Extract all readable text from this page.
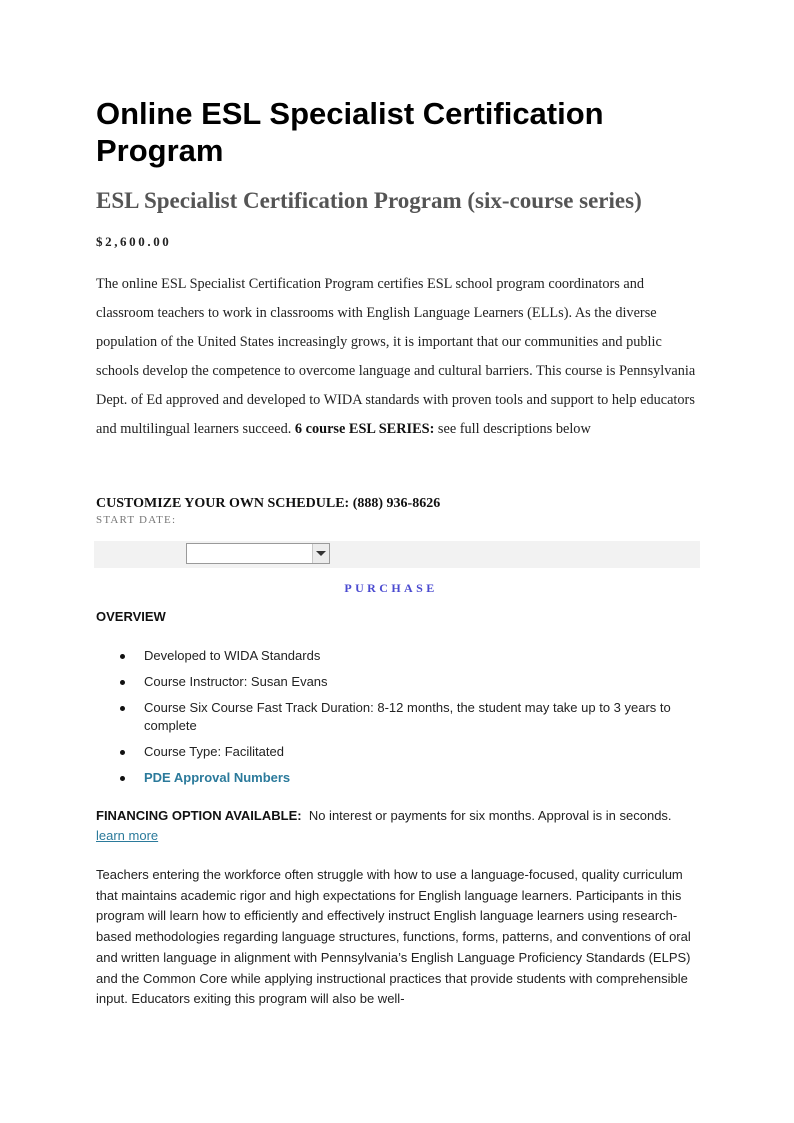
Online ESL Specialist Certification Program
ESL Specialist Certification Program (six-course series)
$2,600.00

The online ESL Specialist Certification Program certifies ESL school program coordinators and classroom teachers to work in classrooms with English Language Learners (ELLs). As the diverse population of the United States increasingly grows, it is important that our communities and public schools develop the competence to overcome language and cultural barriers. This course is Pennsylvania Dept. of Ed approved and developed to WIDA standards with proven tools and support to help educators and multilingual learners succeed. 6 course ESL SERIES: see full descriptions below

CUSTOMIZE YOUR OWN SCHEDULE: (888) 936-8626
START DATE:
PURCHASE
OVERVIEW
Developed to WIDA Standards
Course Instructor: Susan Evans
Course Six Course Fast Track Duration: 8-12 months, the student may take up to 3 years to complete
Course Type: Facilitated
PDE Approval Numbers

FINANCING OPTION AVAILABLE: No interest or payments for six months. Approval is in seconds.
learn more

Teachers entering the workforce often struggle with how to use a language-focused, quality curriculum that maintains academic rigor and high expectations for English language learners. Participants in this program will learn how to efficiently and effectively instruct English language learners using research-based methodologies regarding language structures, functions, forms, patterns, and conventions of oral and written language in alignment with Pennsylvania’s English Language Proficiency Standards (ELPS) and the Common Core while applying instructional practices that provide students with comprehensible input. Educators exiting this program will also be well-
